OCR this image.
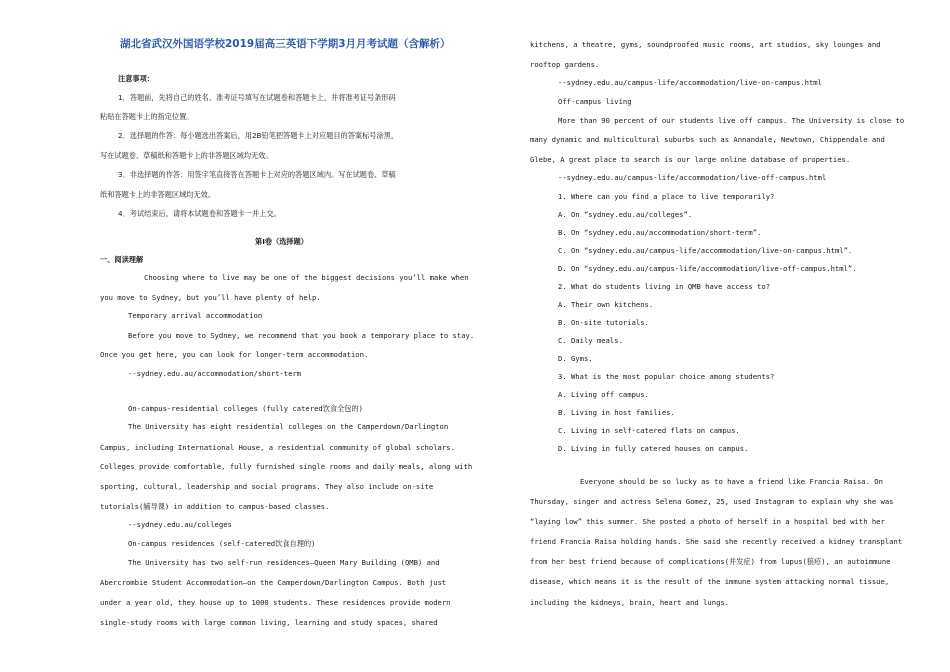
湖北省武汉外国语学校2019届高三英语下学期3月月考试题（含解析）
注意事项：
1．答题前，先将自己的姓名、准考证号填写在试题卷和答题卡上，并将准考证号条形码
粘贴在答题卡上的指定位置。
2．选择题的作答：每小题选出答案后，用2B铅笔把答题卡上对应题目的答案标号涂黑，
写在试题卷、草稿纸和答题卡上的非答题区域均无效。
3．非选择题的作答：用签字笔直接答在答题卡上对应的答题区域内。写在试题卷、草稿
纸和答题卡上的非答题区域均无效。
4．考试结束后，请将本试题卷和答题卡一并上交。
第Ⅰ卷（选择题）
一、阅读理解
Choosing where to live may be one of the biggest decisions you’ll make when
you move to Sydney, but you’ll have plenty of help.
Temporary arrival accommodation
Before you move to Sydney, we recommend that you book a temporary place to stay.
Once you get here, you can look for longer-term accommodation.
--sydney.edu.au/accommodation/short-term
On-campus-residential colleges (fully catered饮食全包的)
The University has eight residential colleges on the Camperdown/Darlington
Campus, including International House, a residential community of global scholars.
Colleges provide comfortable, fully furnished single rooms and daily meals, along with
sporting, cultural, leadership and social programs. They also include on-site
tutorials(辅导课) in addition to campus-based classes.
--sydney.edu.au/colleges
On-campus residences (self-catered饮食自理的)
The University has two self-run residences—Queen Mary Building (QMB) and
Abercrombie Student Accommodation—on the Camperdown/Darlington Campus. Both just
under a year old, they house up to 1000 students. These residences provide modern
single-study rooms with large common living, learning and study spaces, shared
kitchens, a theatre, gyms, soundproofed music rooms, art studios, sky lounges and
rooftop gardens.
--sydney.edu.au/campus-life/accommodation/live-on-campus.html
Off-campus living
More than 90 percent of our students live off campus. The University is close to
many dynamic and multicultural suburbs such as Annandale, Newtown, Chippendale and
Glebe, A great place to search is our large online database of properties.
--sydney.edu.au/campus-life/accommodation/live-off-campus.html
1. Where can you find a place to live temporarily?
A. On “sydney.edu.au/colleges”.
B. On “sydney.edu.au/accommodation/short-term”.
C. On “sydney.edu.au/campus-life/accommodation/live-on-campus.html”.
D. On “sydney.edu.au/campus-life/accommodation/live-off-campus.html”.
2. What do students living in QMB have access to?
A. Their own kitchens.
B. On-site tutorials.
C. Daily meals.
D. Gyms.
3. What is the most popular choice among students?
A. Living off campus.
B. Living in host families.
C. Living in self-catered flats on campus.
D. Living in fully catered houses on campus.
Everyone should be so lucky as to have a friend like Francia Raisa. On
Thursday, singer and actress Selena Gomez, 25, used Instagram to explain why she was
“laying low” this summer. She posted a photo of herself in a hospital bed with her
friend Francia Raisa holding hands. She said she recently received a kidney transplant
from her best friend because of complications(并发症) from lupus(狼疮), an autoimmune
disease, which means it is the result of the immune system attacking normal tissue,
including the kidneys, brain, heart and lungs.
